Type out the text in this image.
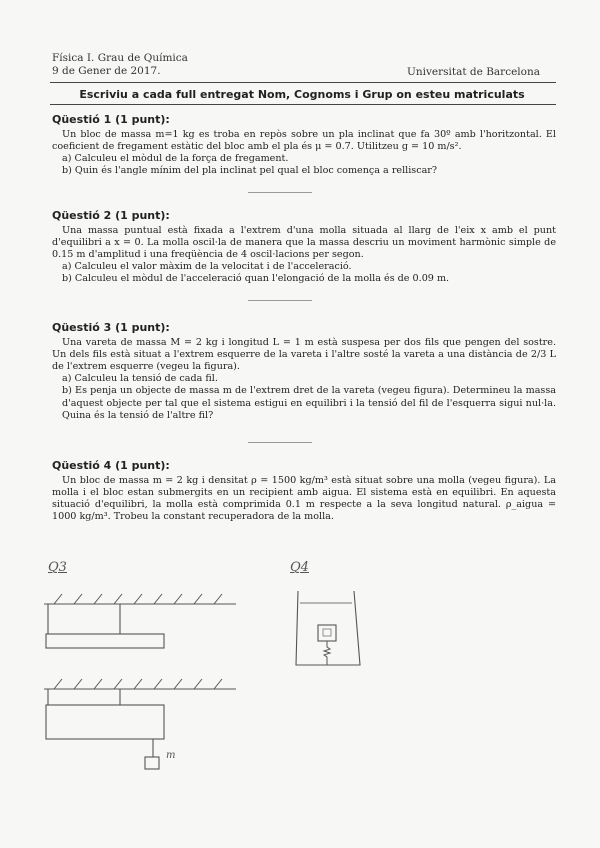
Física I. Grau de Química
9 de Gener de 2017.	Universitat de Barcelona
Escriviu a cada full entregat Nom, Cognoms i Grup on esteu matriculats
Qüestió 1 (1 punt):

Un bloc de massa m=1 kg es troba en repòs sobre un pla inclinat que fa 30º amb l'horitzontal. El coeficient de fregament estàtic del bloc amb el pla és μ = 0.7. Utilitzeu g = 10 m/s².

a) Calculeu el mòdul de la força de fregament.
b) Quin és l'angle mínim del pla inclinat pel qual el bloc comença a relliscar?
Qüestió 2 (1 punt):

Una massa puntual està fixada a l'extrem d'una molla situada al llarg de l'eix x amb el punt d'equilibri a x = 0. La molla oscil·la de manera que la massa descriu un moviment harmònic simple de 0.15 m d'amplitud i una freqüència de 4 oscil·lacions per segon.

a) Calculeu el valor màxim de la velocitat i de l'acceleració.
b) Calculeu el mòdul de l'acceleració quan l'elongació de la molla és de 0.09 m.
Qüestió 3 (1 punt):

Una vareta de massa M = 2 kg i longitud L = 1 m està suspesa per dos fils que pengen del sostre. Un dels fils està situat a l'extrem esquerre de la vareta i l'altre sosté la vareta a una distància de 2/3 L de l'extrem esquerre (vegeu la figura).

a) Calculeu la tensió de cada fil.
b) Es penja un objecte de massa m de l'extrem dret de la vareta (vegeu figura). Determineu la massa d'aquest objecte per tal que el sistema estigui en equilibri i la tensió del fil de l'esquerra sigui nul·la. Quina és la tensió de l'altre fil?
Qüestió 4 (1 punt):

Un bloc de massa m = 2 kg i densitat ρ = 1500 kg/m³ està situat sobre una molla (vegeu figura). La molla i el bloc estan submergits en un recipient amb aigua. El sistema està en equilibri. En aquesta situació d'equilibri, la molla està comprimida 0.1 m respecte a la seva longitud natural. ρ_aigua = 1000 kg/m³. Trobeu la constant recuperadora de la molla.

Q3	Q4
m
